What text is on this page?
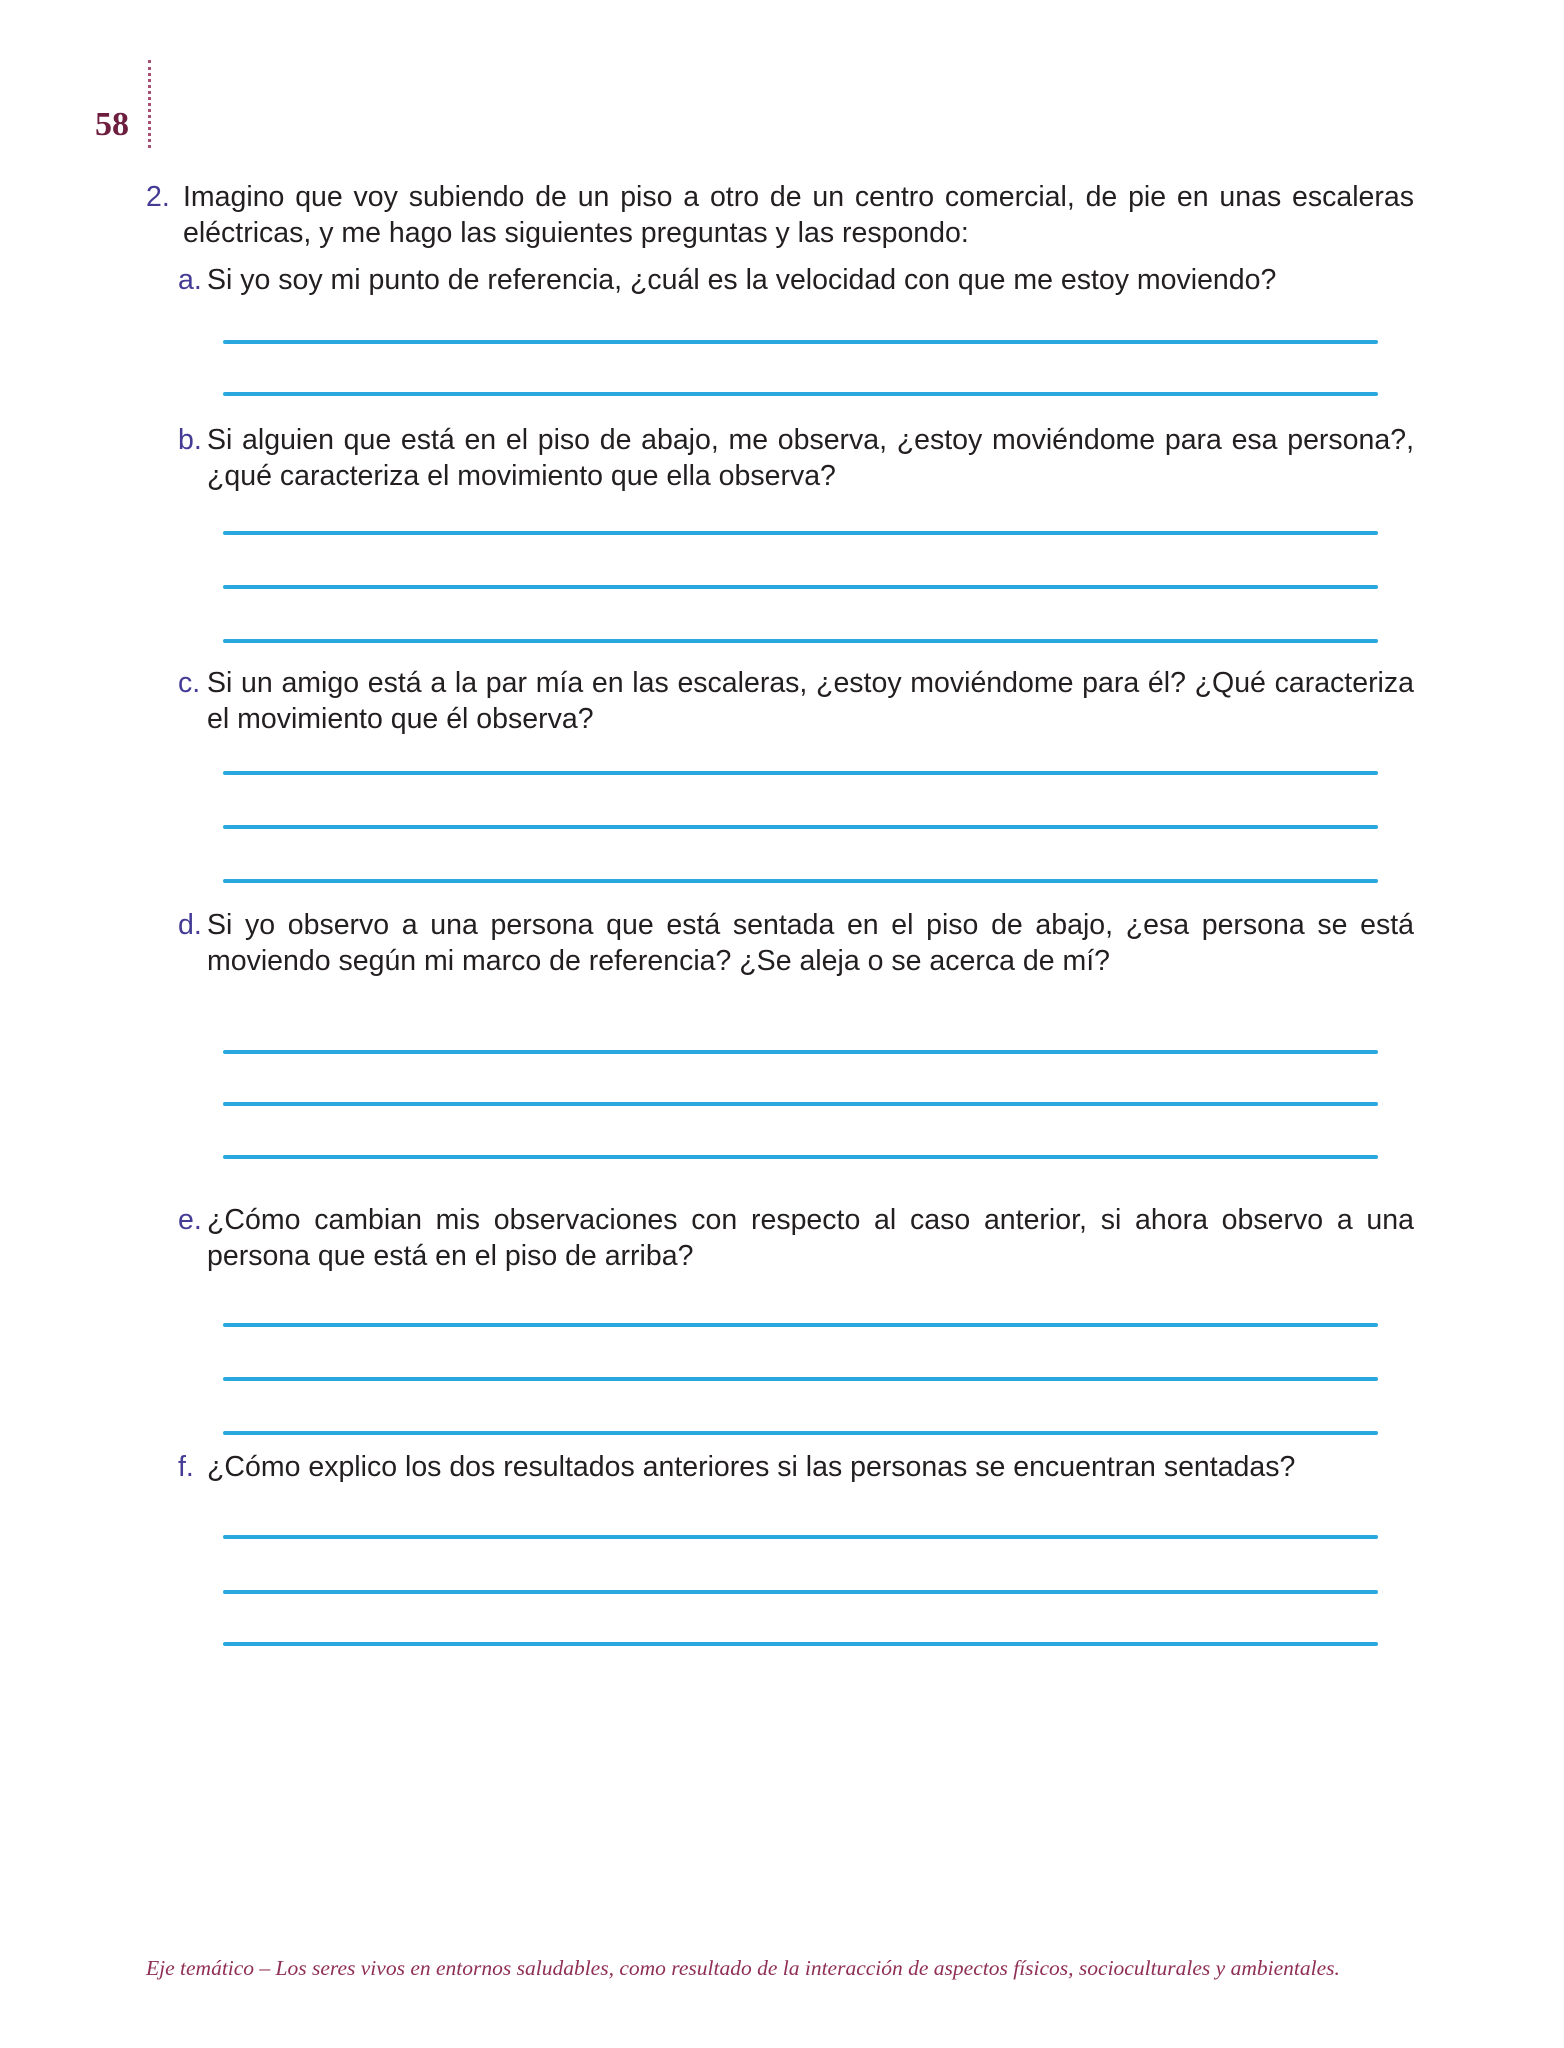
58
2. Imagino que voy subiendo de un piso a otro de un centro comercial, de pie en unas escaleras eléctricas, y me hago las siguientes preguntas y las respondo:
a. Si yo soy mi punto de referencia, ¿cuál es la velocidad con que me estoy moviendo?
b. Si alguien que está en el piso de abajo, me observa, ¿estoy moviéndome para esa persona?, ¿qué caracteriza el movimiento que ella observa?
c. Si un amigo está a la par mía en las escaleras, ¿estoy moviéndome para él? ¿Qué caracteriza el movimiento que él observa?
d. Si yo observo a una persona que está sentada en el piso de abajo, ¿esa persona se está moviendo según mi marco de referencia? ¿Se aleja o se acerca de mí?
e. ¿Cómo cambian mis observaciones con respecto al caso anterior, si ahora observo a una persona que está en el piso de arriba?
f. ¿Cómo explico los dos resultados anteriores si las personas se encuentran sentadas?
Eje temático – Los seres vivos en entornos saludables, como resultado de la interacción de aspectos físicos, socioculturales y ambientales.
